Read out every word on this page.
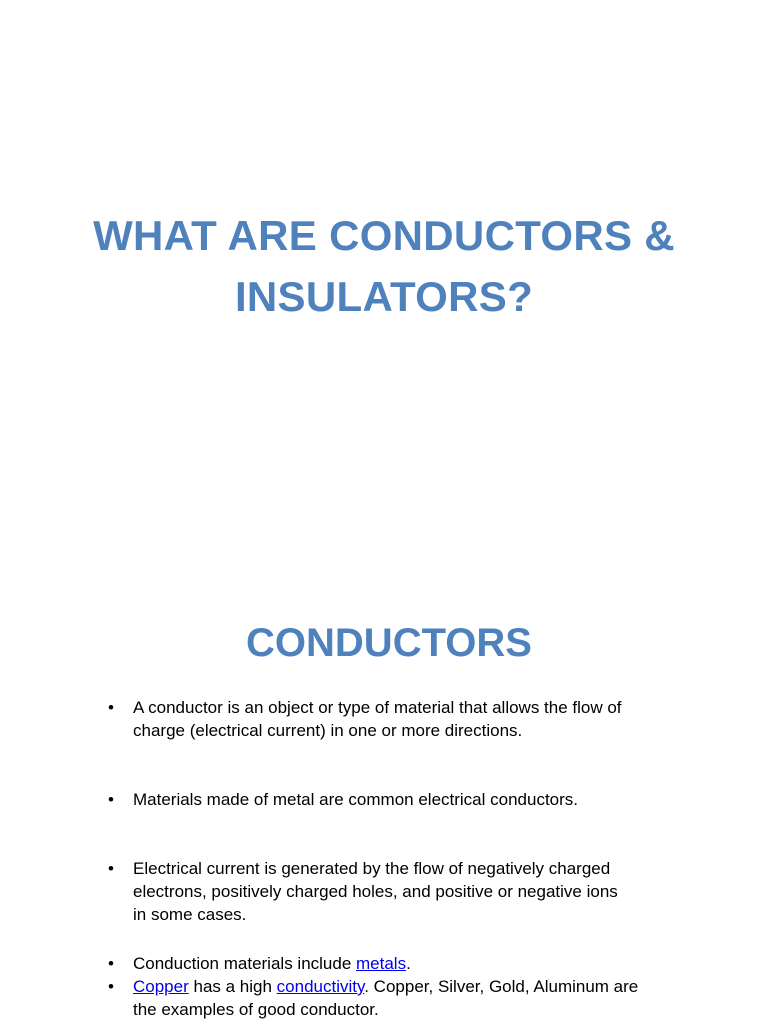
WHAT ARE CONDUCTORS &
INSULATORS?
CONDUCTORS
• A conductor is an object or type of material that allows the flow of
charge (electrical current) in one or more directions.
• Materials made of metal are common electrical conductors.
• Electrical current is generated by the flow of negatively charged
electrons, positively charged holes, and positive or negative ions
in some cases.
• Conduction materials include metals.
• Copper has a high conductivity. Copper, Silver, Gold, Aluminum are
the examples of good conductor.
